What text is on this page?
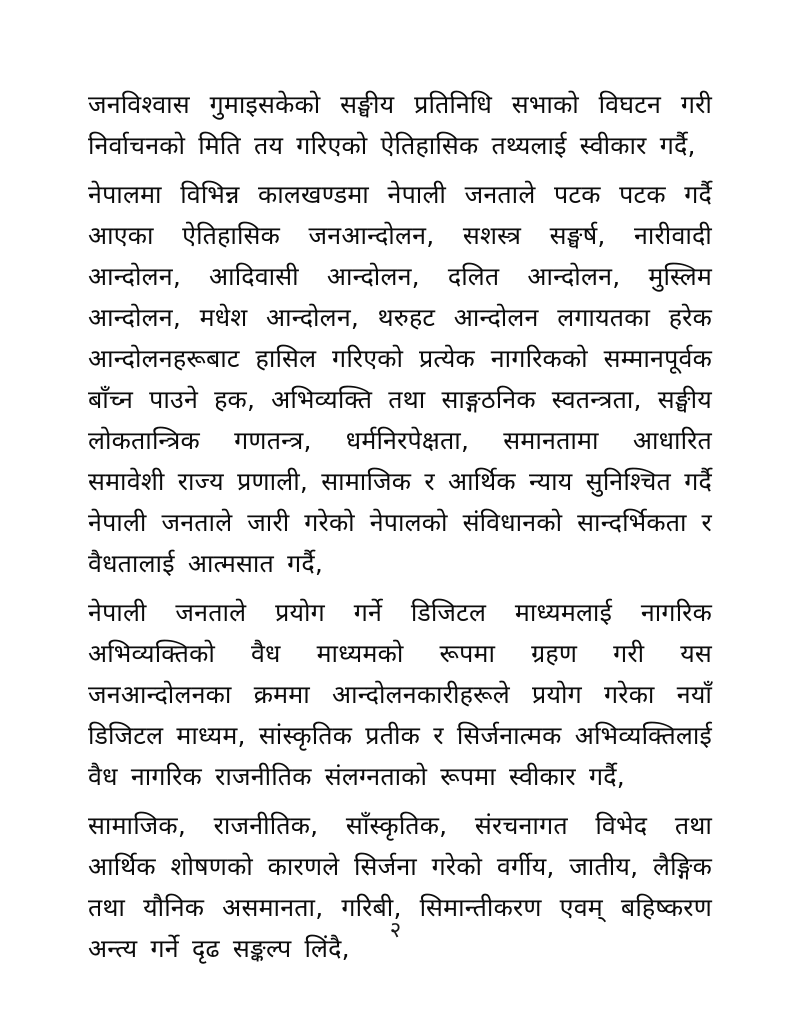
जनविश्वास गुमाइसकेको सङ्घीय प्रतिनिधि सभाको विघटन गरी निर्वाचनको मिति तय गरिएको ऐतिहासिक तथ्यलाई स्वीकार गर्दै,

नेपालमा विभिन्न कालखण्डमा नेपाली जनताले पटक पटक गर्दै आएका ऐतिहासिक जनआन्दोलन, सशस्त्र सङ्घर्ष, नारीवादी आन्दोलन, आदिवासी आन्दोलन, दलित आन्दोलन, मुस्लिम आन्दोलन, मधेश आन्दोलन, थरुहट आन्दोलन लगायतका हरेक आन्दोलनहरूबाट हासिल गरिएको प्रत्येक नागरिकको सम्मानपूर्वक बाँच्न पाउने हक, अभिव्यक्ति तथा साङ्गठनिक स्वतन्त्रता, सङ्घीय लोकतान्त्रिक गणतन्त्र, धर्मनिरपेक्षता, समानतामा आधारित समावेशी राज्य प्रणाली, सामाजिक र आर्थिक न्याय सुनिश्चित गर्दै नेपाली जनताले जारी गरेको नेपालको संविधानको सान्दर्भिकता र वैधतालाई आत्मसात गर्दै,

नेपाली जनताले प्रयोग गर्ने डिजिटल माध्यमलाई नागरिक अभिव्यक्तिको वैध माध्यमको रूपमा ग्रहण गरी यस जनआन्दोलनका क्रममा आन्दोलनकारीहरूले प्रयोग गरेका नयाँ डिजिटल माध्यम, सांस्कृतिक प्रतीक र सिर्जनात्मक अभिव्यक्तिलाई वैध नागरिक राजनीतिक संलग्नताको रूपमा स्वीकार गर्दै,

सामाजिक, राजनीतिक, साँस्कृतिक, संरचनागत विभेद तथा आर्थिक शोषणको कारणले सिर्जना गरेको वर्गीय, जातीय, लैङ्गिक तथा यौनिक असमानता, गरिबी, सिमान्तीकरण एवम् बहिष्करण अन्त्य गर्ने दृढ सङ्कल्प लिंदै,

२
